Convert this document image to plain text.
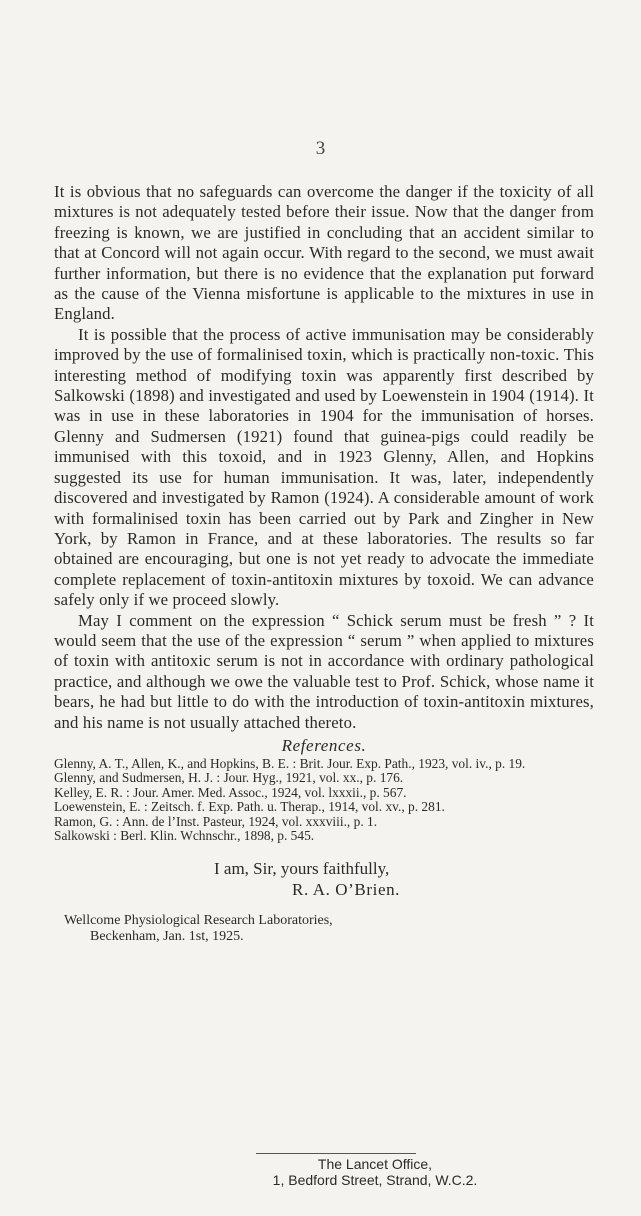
3

It is obvious that no safeguards can overcome the danger if the toxicity of all mixtures is not adequately tested before their issue. Now that the danger from freezing is known, we are justified in concluding that an accident similar to that at Concord will not again occur. With regard to the second, we must await further information, but there is no evidence that the explanation put forward as the cause of the Vienna misfortune is applicable to the mixtures in use in England.

It is possible that the process of active immunisation may be considerably improved by the use of formalinised toxin, which is practically non-toxic. This interesting method of modifying toxin was apparently first described by Salkowski (1898) and investigated and used by Loewenstein in 1904 (1914). It was in use in these laboratories in 1904 for the immunisation of horses. Glenny and Sudmersen (1921) found that guinea-pigs could readily be immunised with this toxoid, and in 1923 Glenny, Allen, and Hopkins suggested its use for human immunisation. It was, later, independently discovered and investigated by Ramon (1924). A considerable amount of work with formalinised toxin has been carried out by Park and Zingher in New York, by Ramon in France, and at these laboratories. The results so far obtained are encouraging, but one is not yet ready to advocate the immediate complete replacement of toxin-antitoxin mixtures by toxoid. We can advance safely only if we proceed slowly.

May I comment on the expression “ Schick serum must be fresh ” ? It would seem that the use of the expression “ serum ” when applied to mixtures of toxin with antitoxic serum is not in accordance with ordinary pathological practice, and although we owe the valuable test to Prof. Schick, whose name it bears, he had but little to do with the introduction of toxin-antitoxin mixtures, and his name is not usually attached thereto.

References.
Glenny, A. T., Allen, K., and Hopkins, B. E. : Brit. Jour. Exp. Path., 1923, vol. iv., p. 19.
Glenny, and Sudmersen, H. J. : Jour. Hyg., 1921, vol. xx., p. 176.
Kelley, E. R. : Jour. Amer. Med. Assoc., 1924, vol. lxxxii., p. 567.
Loewenstein, E. : Zeitsch. f. Exp. Path. u. Therap., 1914, vol. xv., p. 281.
Ramon, G. : Ann. de l’Inst. Pasteur, 1924, vol. xxxviii., p. 1.
Salkowski : Berl. Klin. Wchnschr., 1898, p. 545.
I am, Sir, yours faithfully,
R. A. O’Brien.
Wellcome Physiological Research Laboratories,
Beckenham, Jan. 1st, 1925.
The Lancet Office,
1, Bedford Street, Strand, W.C.2.
